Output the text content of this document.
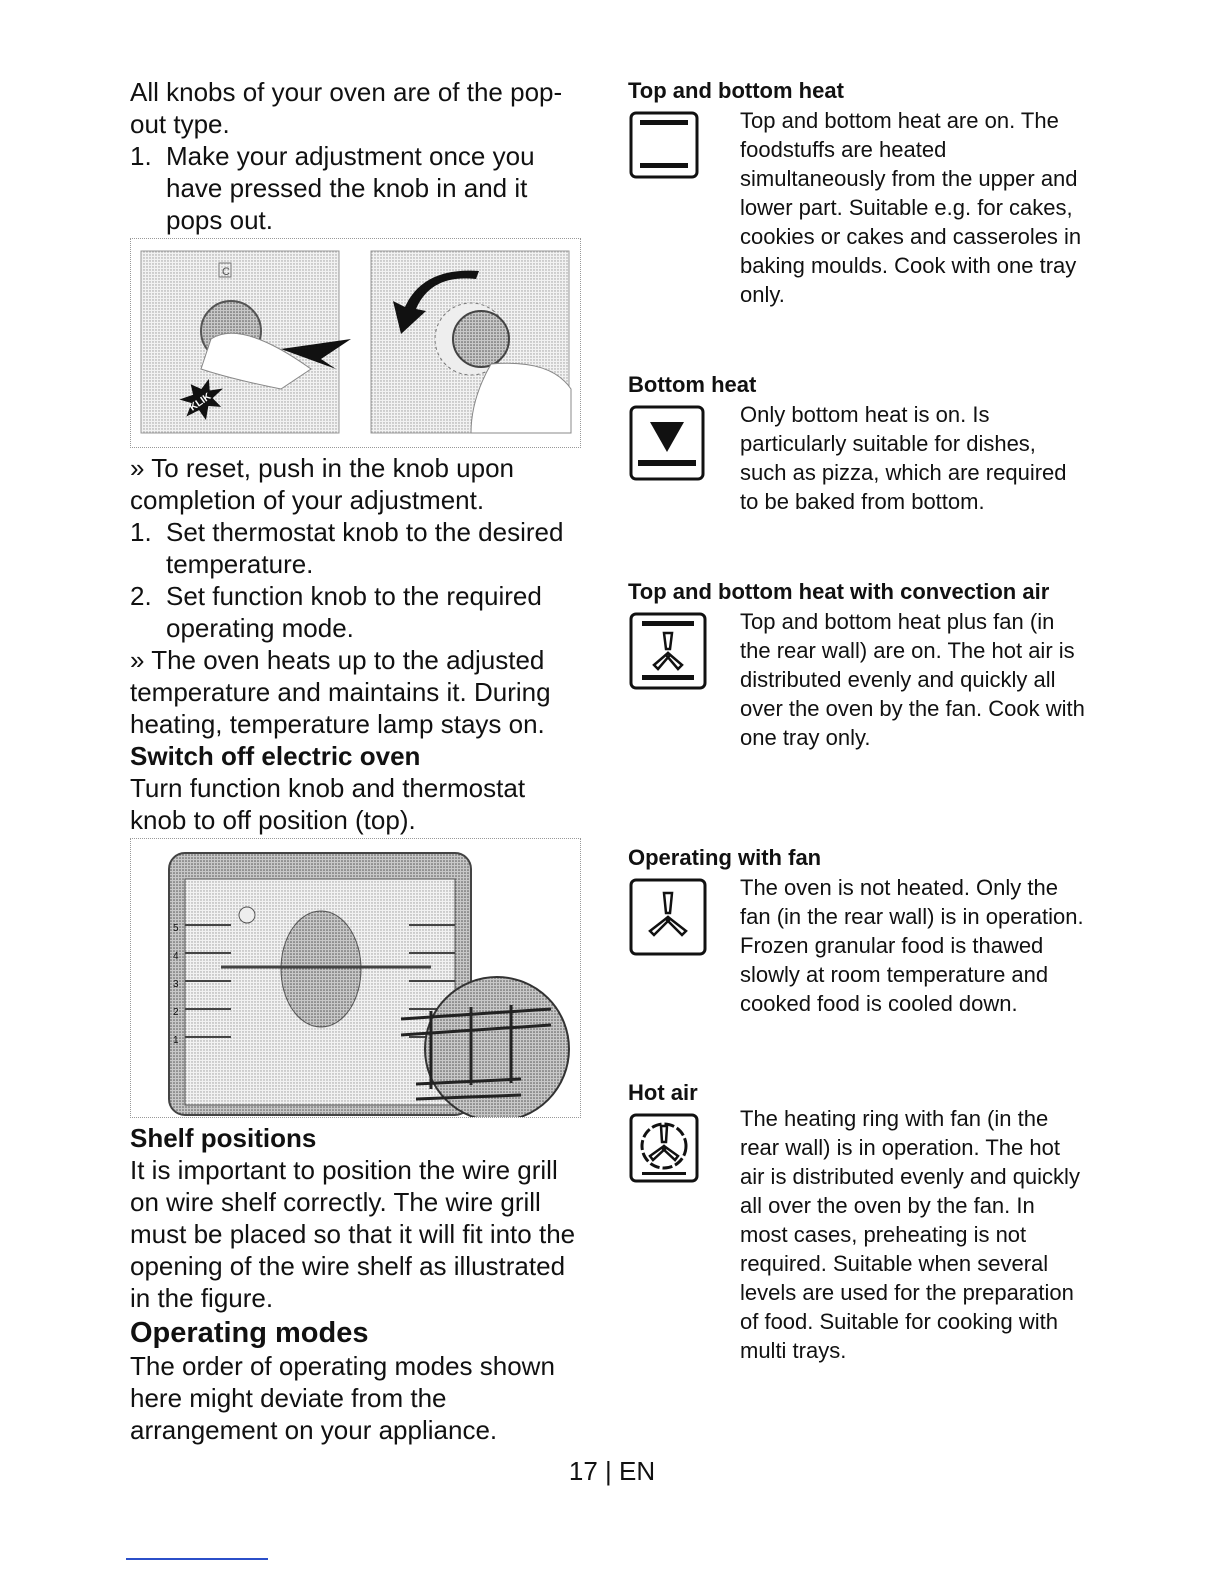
All knobs of your oven are of the pop-out type.

1. Make your adjustment once you have pressed the knob in and it pops out.
C
KLIK

» To reset, push in the knob upon completion of your adjustment.

1. Set thermostat knob to the desired temperature.
2. Set function knob to the required operating mode.

» The oven heats up to the adjusted temperature and maintains it. During heating, temperature lamp stays on.

Switch off electric oven

Turn function knob and thermostat knob to off position (top).

5
4
3
2
1

Shelf positions

It is important to position the wire grill on wire shelf correctly. The wire grill must be placed so that it will fit into the opening of the wire shelf as illustrated in the figure.

Operating modes

The order of operating modes shown here might deviate from the arrangement on your appliance.

Top and bottom heat

Top and bottom heat are on. The foodstuffs are heated simultaneously from the upper and lower part. Suitable e.g. for cakes, cookies or cakes and casseroles in baking moulds. Cook with one tray only.

Bottom heat

Only bottom heat is on. Is particularly suitable for dishes, such as pizza, which are required to be baked from bottom.

Top and bottom heat with convection air

Top and bottom heat plus fan (in the rear wall) are on. The hot air is distributed evenly and quickly all over the oven by the fan. Cook with one tray only.

Operating with fan

The oven is not heated. Only the fan (in the rear wall) is in operation. Frozen granular food is thawed slowly at room temperature and cooked food is cooled down.

Hot air

The heating ring with fan (in the rear wall) is in operation. The hot air is distributed evenly and quickly all over the oven by the fan. In most cases, preheating is not required. Suitable when several levels are used for the preparation of food. Suitable for cooking with multi trays.

17 | EN
